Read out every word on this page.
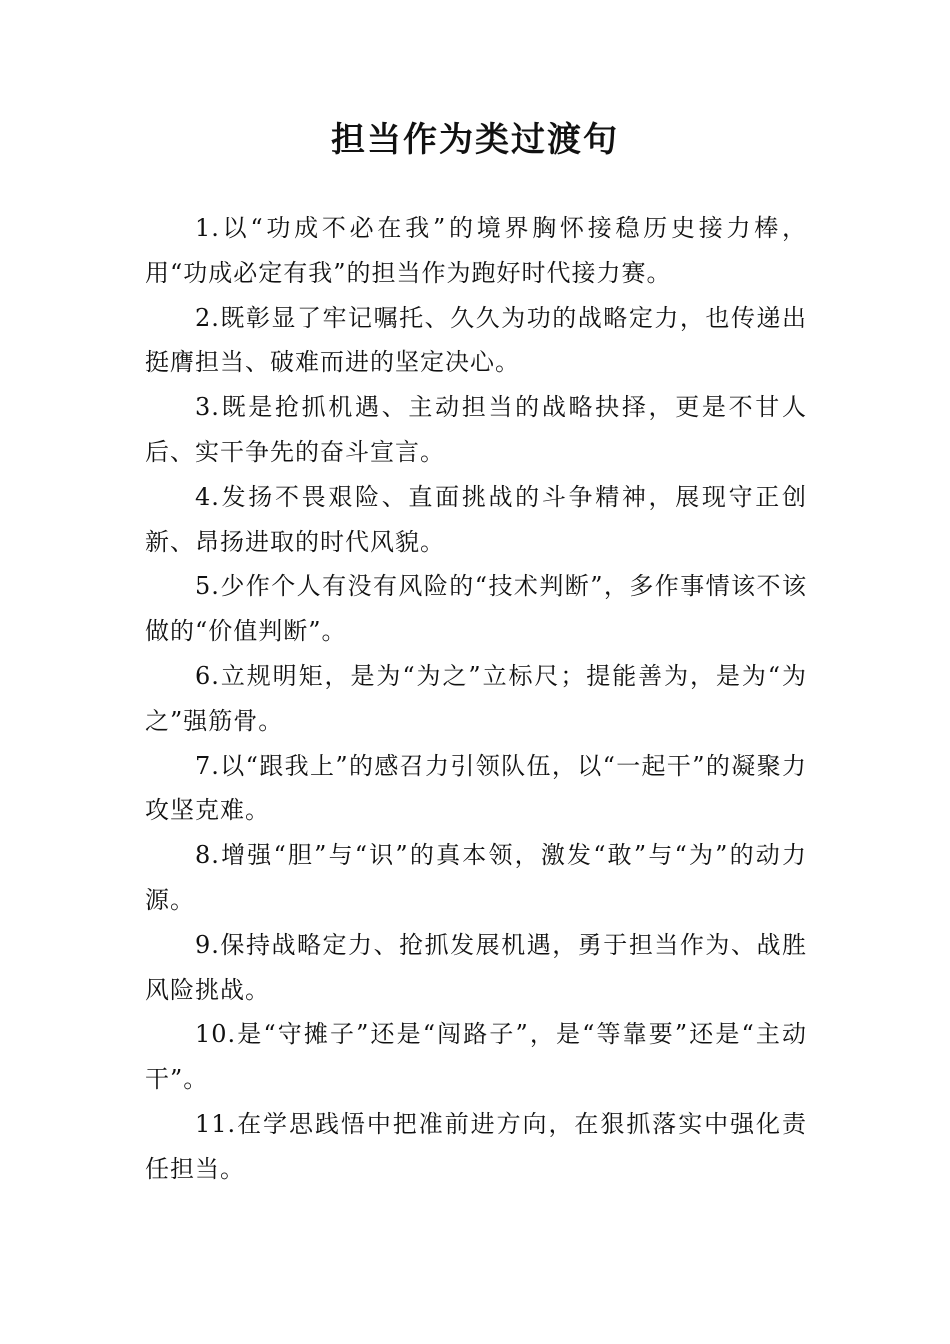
担当作为类过渡句
1.以“功成不必在我”的境界胸怀接稳历史接力棒，用“功成必定有我”的担当作为跑好时代接力赛。
2.既彰显了牢记嘱托、久久为功的战略定力，也传递出挺膺担当、破难而进的坚定决心。
3.既是抢抓机遇、主动担当的战略抉择，更是不甘人后、实干争先的奋斗宣言。
4.发扬不畏艰险、直面挑战的斗争精神，展现守正创新、昂扬进取的时代风貌。
5.少作个人有没有风险的“技术判断”，多作事情该不该做的“价值判断”。
6.立规明矩，是为“为之”立标尺；提能善为，是为“为之”强筋骨。
7.以“跟我上”的感召力引领队伍，以“一起干”的凝聚力攻坚克难。
8.增强“胆”与“识”的真本领，激发“敢”与“为”的动力源。
9.保持战略定力、抢抓发展机遇，勇于担当作为、战胜风险挑战。
10.是“守摊子”还是“闯路子”，是“等靠要”还是“主动干”。
11.在学思践悟中把准前进方向，在狠抓落实中强化责任担当。
